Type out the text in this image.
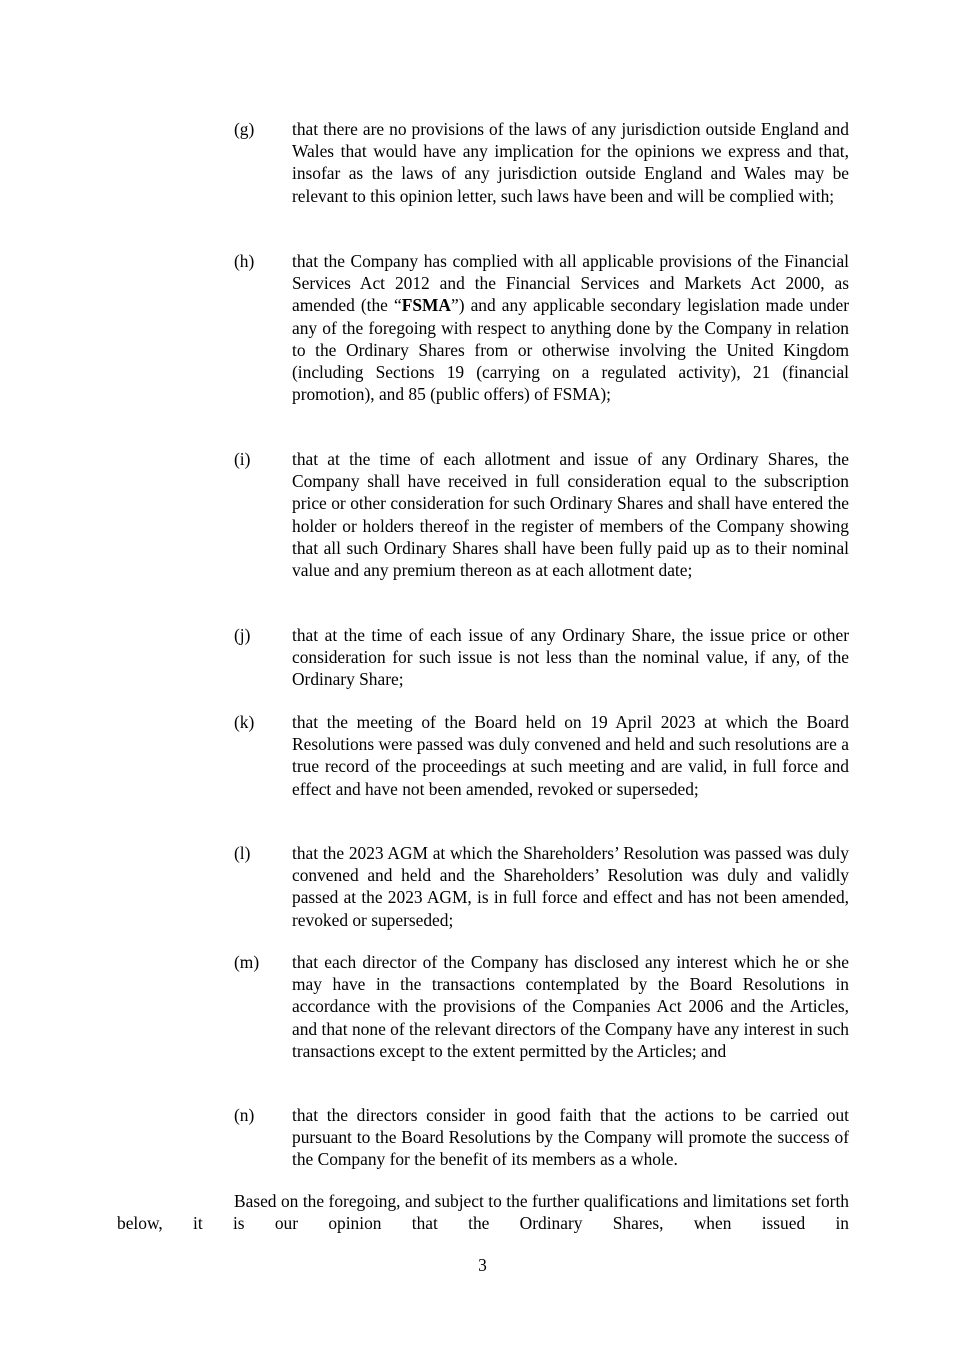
(g)	that there are no provisions of the laws of any jurisdiction outside England and Wales that would have any implication for the opinions we express and that, insofar as the laws of any jurisdiction outside England and Wales may be relevant to this opinion letter, such laws have been and will be complied with;
(h)	that the Company has complied with all applicable provisions of the Financial Services Act 2012 and the Financial Services and Markets Act 2000, as amended (the “FSMA”) and any applicable secondary legislation made under any of the foregoing with respect to anything done by the Company in relation to the Ordinary Shares from or otherwise involving the United Kingdom (including Sections 19 (carrying on a regulated activity), 21 (financial promotion), and 85 (public offers) of FSMA);
(i)	that at the time of each allotment and issue of any Ordinary Shares, the Company shall have received in full consideration equal to the subscription price or other consideration for such Ordinary Shares and shall have entered the holder or holders thereof in the register of members of the Company showing that all such Ordinary Shares shall have been fully paid up as to their nominal value and any premium thereon as at each allotment date;
(j)	that at the time of each issue of any Ordinary Share, the issue price or other consideration for such issue is not less than the nominal value, if any, of the Ordinary Share;
(k)	that the meeting of the Board held on 19 April 2023 at which the Board Resolutions were passed was duly convened and held and such resolutions are a true record of the proceedings at such meeting and are valid, in full force and effect and have not been amended, revoked or superseded;
(l)	that the 2023 AGM at which the Shareholders’ Resolution was passed was duly convened and held and the Shareholders’ Resolution was duly and validly passed at the 2023 AGM, is in full force and effect and has not been amended, revoked or superseded;
(m)	that each director of the Company has disclosed any interest which he or she may have in the transactions contemplated by the Board Resolutions in accordance with the provisions of the Companies Act 2006 and the Articles, and that none of the relevant directors of the Company have any interest in such transactions except to the extent permitted by the Articles; and
(n)	that the directors consider in good faith that the actions to be carried out pursuant to the Board Resolutions by the Company will promote the success of the Company for the benefit of its members as a whole.
Based on the foregoing, and subject to the further qualifications and limitations set forth below, it is our opinion that the Ordinary Shares, when issued in
3
